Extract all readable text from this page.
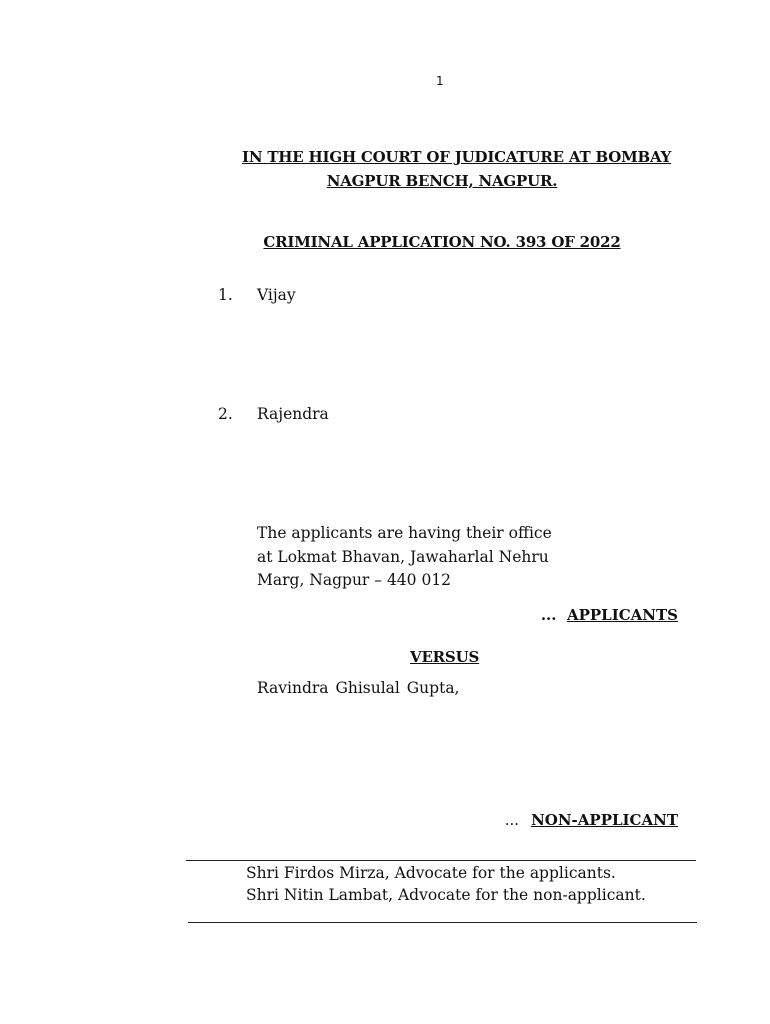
1
IN THE HIGH COURT OF JUDICATURE AT BOMBAY
NAGPUR BENCH, NAGPUR.
CRIMINAL APPLICATION NO. 393 OF 2022
1. Vijay
2. Rajendra
The applicants are having their office
at Lokmat Bhavan, Jawaharlal Nehru
Marg, Nagpur – 440 012
... APPLICANTS
VERSUS
Ravindra Ghisulal Gupta,
... NON-APPLICANT
Shri Firdos Mirza, Advocate for the applicants.
Shri Nitin Lambat, Advocate for the non-applicant.
